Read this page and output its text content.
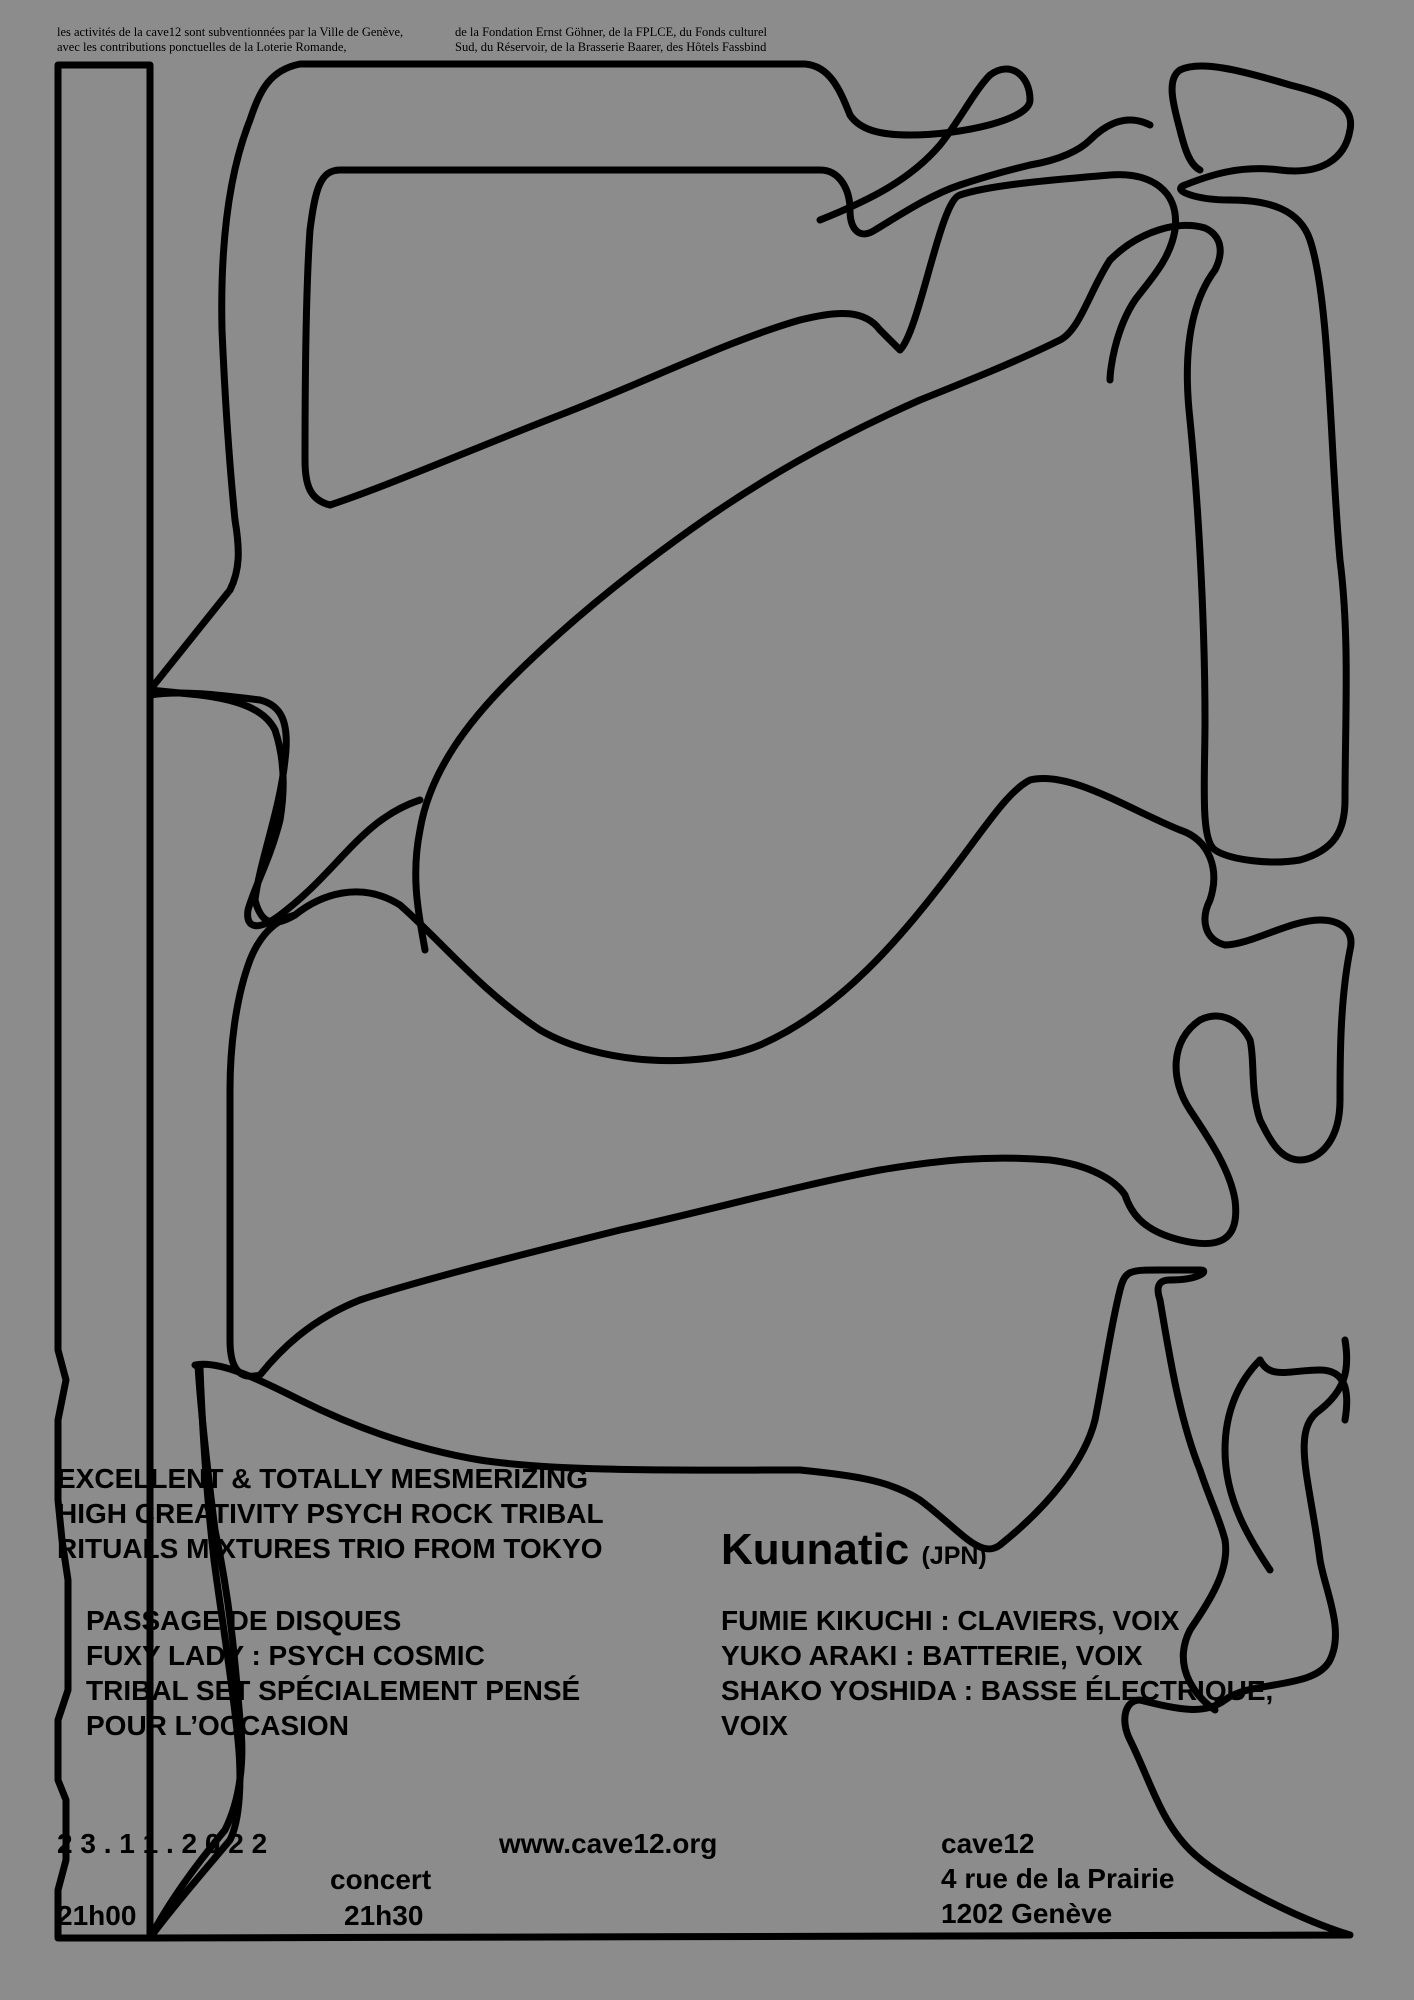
les activités de la cave12 sont subventionnées par la Ville de Genève,
avec les contributions ponctuelles de la Loterie Romande,
de la Fondation Ernst Göhner, de la FPLCE, du Fonds culturel
Sud, du Réservoir, de la Brasserie Baarer, des Hôtels Fassbind
EXCELLENT & TOTALLY MESMERIZING
HIGH CREATIVITY PSYCH ROCK TRIBAL
RITUALS MIXTURES TRIO FROM TOKYO
PASSAGE DE DISQUES
FUXY LADY : PSYCH COSMIC
TRIBAL SET SPÉCIALEMENT PENSÉ
POUR L’OCCASION
Kuunatic (JPN)
FUMIE KIKUCHI : CLAVIERS, VOIX
YUKO ARAKI : BATTERIE, VOIX
SHAKO YOSHIDA : BASSE ÉLECTRIQUE,
VOIX
2 3 . 1 1 . 2 0 2 2
21h00
concert
21h30
www.cave12.org	cave12
4 rue de la Prairie
1202 Genève
